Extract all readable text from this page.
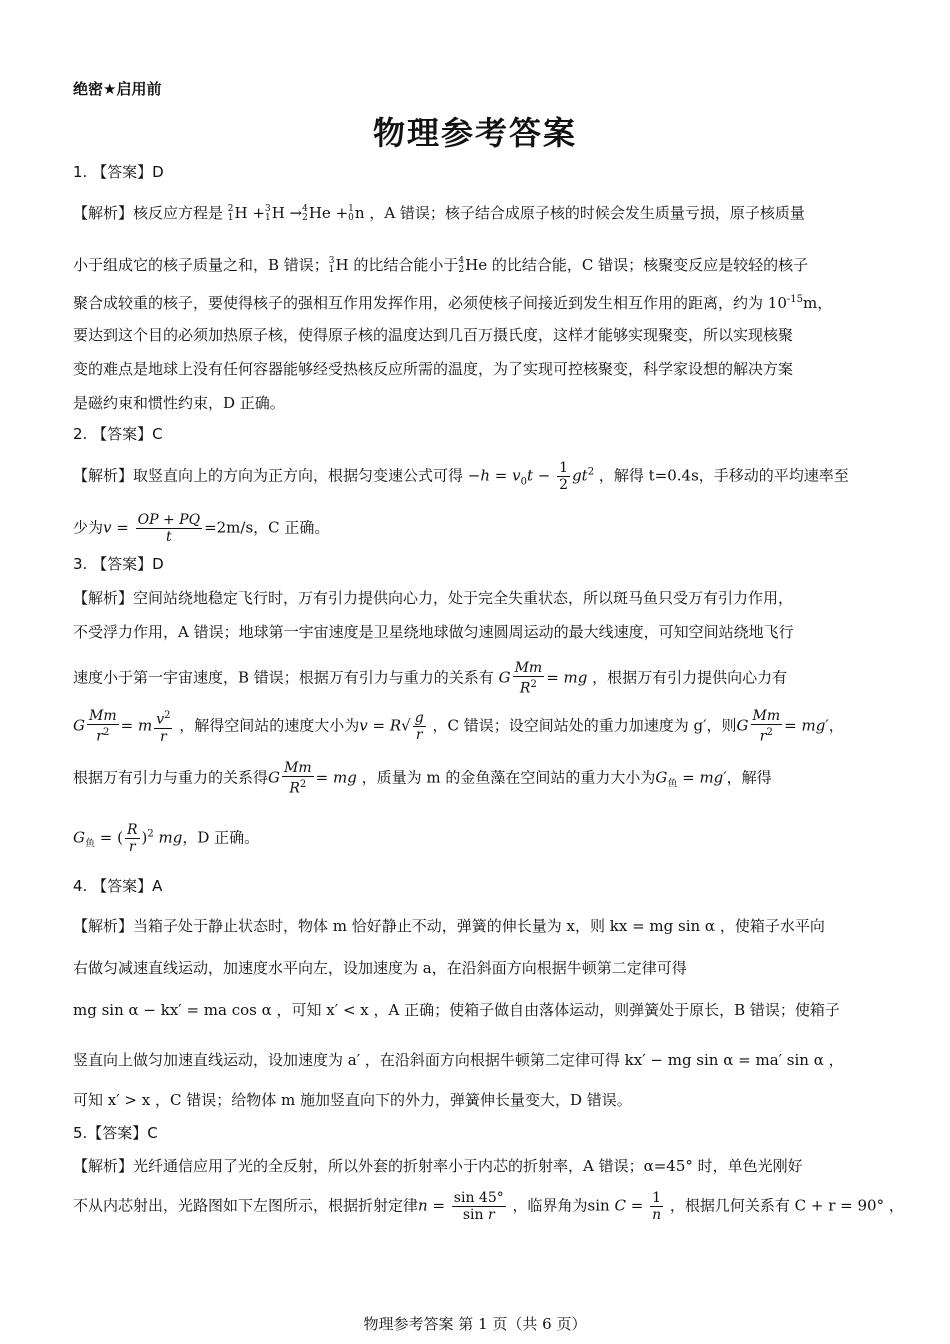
绝密★启用前
物理参考答案
1. 【答案】D
【解析】核反应方程是 2
1H +3
1H →4
2He +1
0n ，A 错误；核子结合成原子核的时候会发生质量亏损，原子核质量
小于组成它的核子质量之和，B 错误；3
1H 的比结合能小于4
2He 的比结合能，C 错误；核聚变反应是较轻的核子
聚合成较重的核子，要使得核子的强相互作用发挥作用，必须使核子间接近到发生相互作用的距离，约为 $10^{-15}m$，
要达到这个目的必须加热原子核，使得原子核的温度达到几百万摄氏度，这样才能够实现聚变，所以实现核聚
变的难点是地球上没有任何容器能够经受热核反应所需的温度，为了实现可控核聚变，科学家设想的解决方案
是磁约束和惯性约束，D 正确。
2. 【答案】C
【解析】取竖直向上的方向为正方向，根据匀变速公式可得 $-h = v_0t - \frac{1}{2} gt^2$ ，解得 t=0.4s，手移动的平均速率至
少为$v = \frac{OP + PQ}{t} =2m/s$，C 正确。
3. 【答案】D
【解析】空间站绕地稳定飞行时，万有引力提供向心力，处于完全失重状态，所以斑马鱼只受万有引力作用，
不受浮力作用，A 错误；地球第一宇宙速度是卫星绕地球做匀速圆周运动的最大线速度，可知空间站绕地飞行
速度小于第一宇宙速度，B 错误；根据万有引力与重力的关系有 G $\frac{Mm}{R^2}$ = mg ，根据万有引力提供向心力有
G $\frac{Mm}{r^2} = m \frac{v^2}{r}$ ，解得空间站的速度大小为$v = R√ \frac{g}{r}$ ，C 错误；设空间站处的重力加速度为 g′，则G $\frac{Mm}{r^2} = mg'$，
根据万有引力与重力的关系得G $\frac{Mm}{R^2}$ = mg ，质量为 m 的金鱼藻在空间站的重力大小为$G_鱼 = mg'$，解得
$G_鱼$ = ( $\frac{R}{r} )^2$ mg，D 正确。
4. 【答案】A
【解析】当箱子处于静止状态时，物体 m 恰好静止不动，弹簧的伸长量为 x，则 kx = mg sin α ，使箱子水平向
右做匀减速直线运动，加速度水平向左，设加速度为 a，在沿斜面方向根据牛顿第二定律可得
mg sin α − kx′ = ma cos α ，可知 x′ < x ，A 正确；使箱子做自由落体运动，则弹簧处于原长，B 错误；使箱子
竖直向上做匀加速直线运动，设加速度为 a′ ，在沿斜面方向根据牛顿第二定律可得 kx′ − mg sin α = ma′ sin α ，
可知 x′ > x ，C 错误；给物体 m 施加竖直向下的外力，弹簧伸长量变大，D 错误。
5.【答案】C
【解析】光纤通信应用了光的全反射，所以外套的折射率小于内芯的折射率，A 错误；α=45° 时，单色光刚好
不从内芯射出，光路图如下左图所示，根据折射定律$n = \frac{\sin 45^\circ}{\text{sin r}}$ ，临界角为$\sin C = \frac{1}{n}$ ，根据几何关系有 C + r = 90° ，
物理参考答案 第 1 页（共 6 页）
